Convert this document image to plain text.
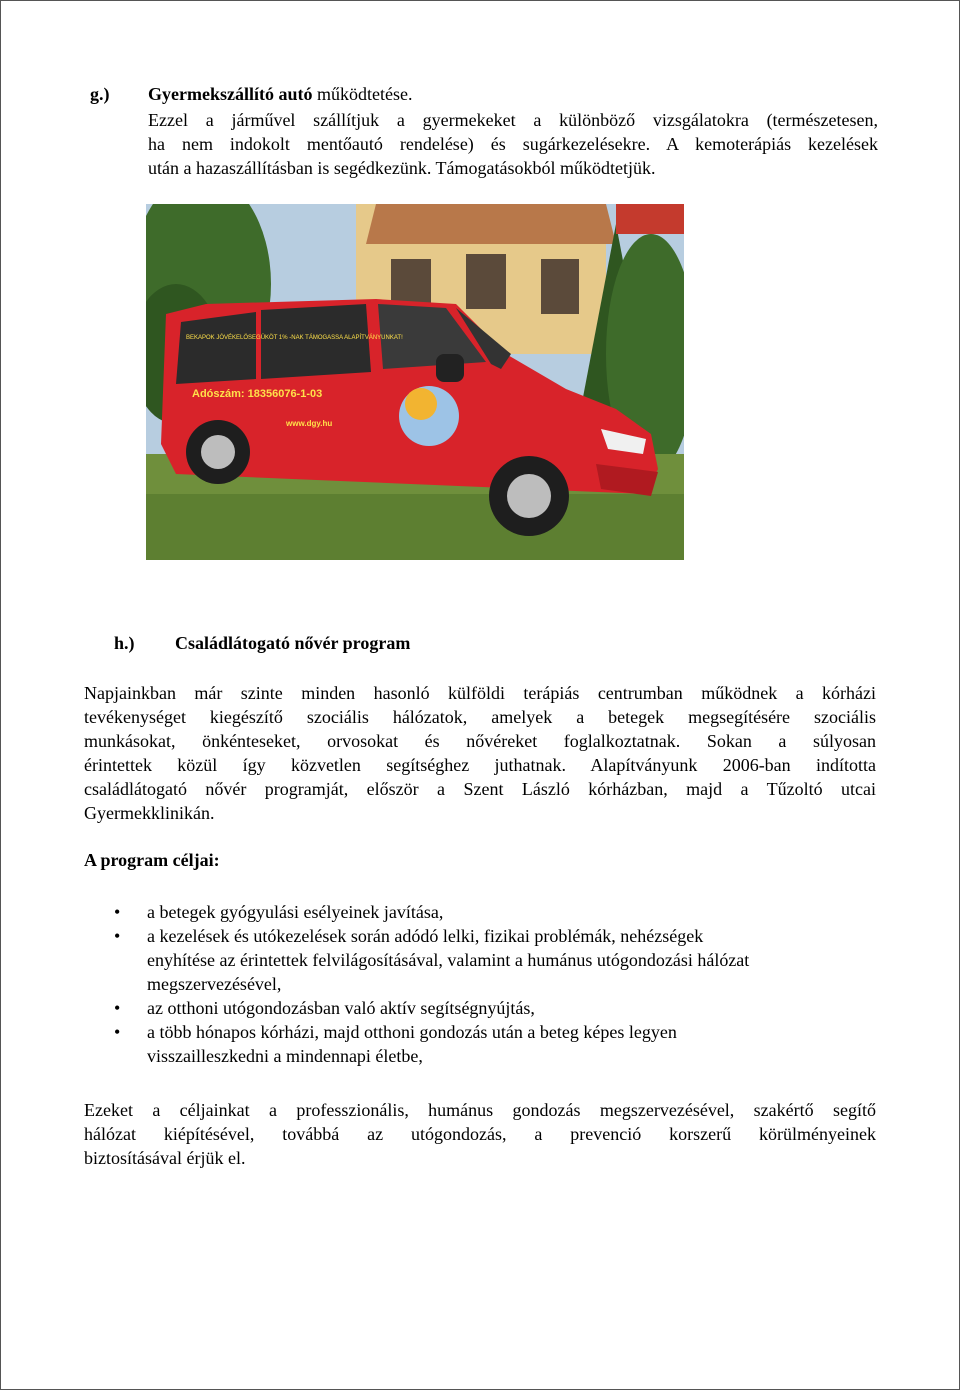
g.) Gyermekszállító autó működtetése.
Ezzel a járművel szállítjuk a gyermekeket a különböző vizsgálatokra (természetesen,
ha nem indokolt mentőautó rendelése) és sugárkezelésekre. A kemoterápiás kezelések
után a hazaszállításban is segédkezünk. Támogatásokból működtetjük.
Adószám: 18356076-1-03
BEKAPOK JÓVÉKELÖSEGÜKÖT 1% -NAK TÁMOGASSA ALAPÍTVÁNYUNKAT!
www.dgy.hu
h.) Családlátogató nővér program
Napjainkban már szinte minden hasonló külföldi terápiás centrumban működnek a kórházi
tevékenységet kiegészítő szociális hálózatok, amelyek a betegek megsegítésére szociális
munkásokat, önkénteseket, orvosokat és nővéreket foglalkoztatnak. Sokan a súlyosan
érintettek közül így közvetlen segítséghez juthatnak. Alapítványunk 2006-ban indította
családlátogató nővér programját, először a Szent László kórházban, majd a Tűzoltó utcai
Gyermekklinikán.
A program céljai:
• a betegek gyógyulási esélyeinek javítása,
• a kezelések és utókezelések során adódó lelki, fizikai problémák, nehézségek
enyhítése az érintettek felvilágosításával, valamint a humánus utógondozási hálózat
megszervezésével,
• az otthoni utógondozásban való aktív segítségnyújtás,
• a több hónapos kórházi, majd otthoni gondozás után a beteg képes legyen
visszailleszkedni a mindennapi életbe,
Ezeket a céljainkat a professzionális, humánus gondozás megszervezésével, szakértő segítő
hálózat kiépítésével, továbbá az utógondozás, a prevenció korszerű körülményeinek
biztosításával érjük el.
